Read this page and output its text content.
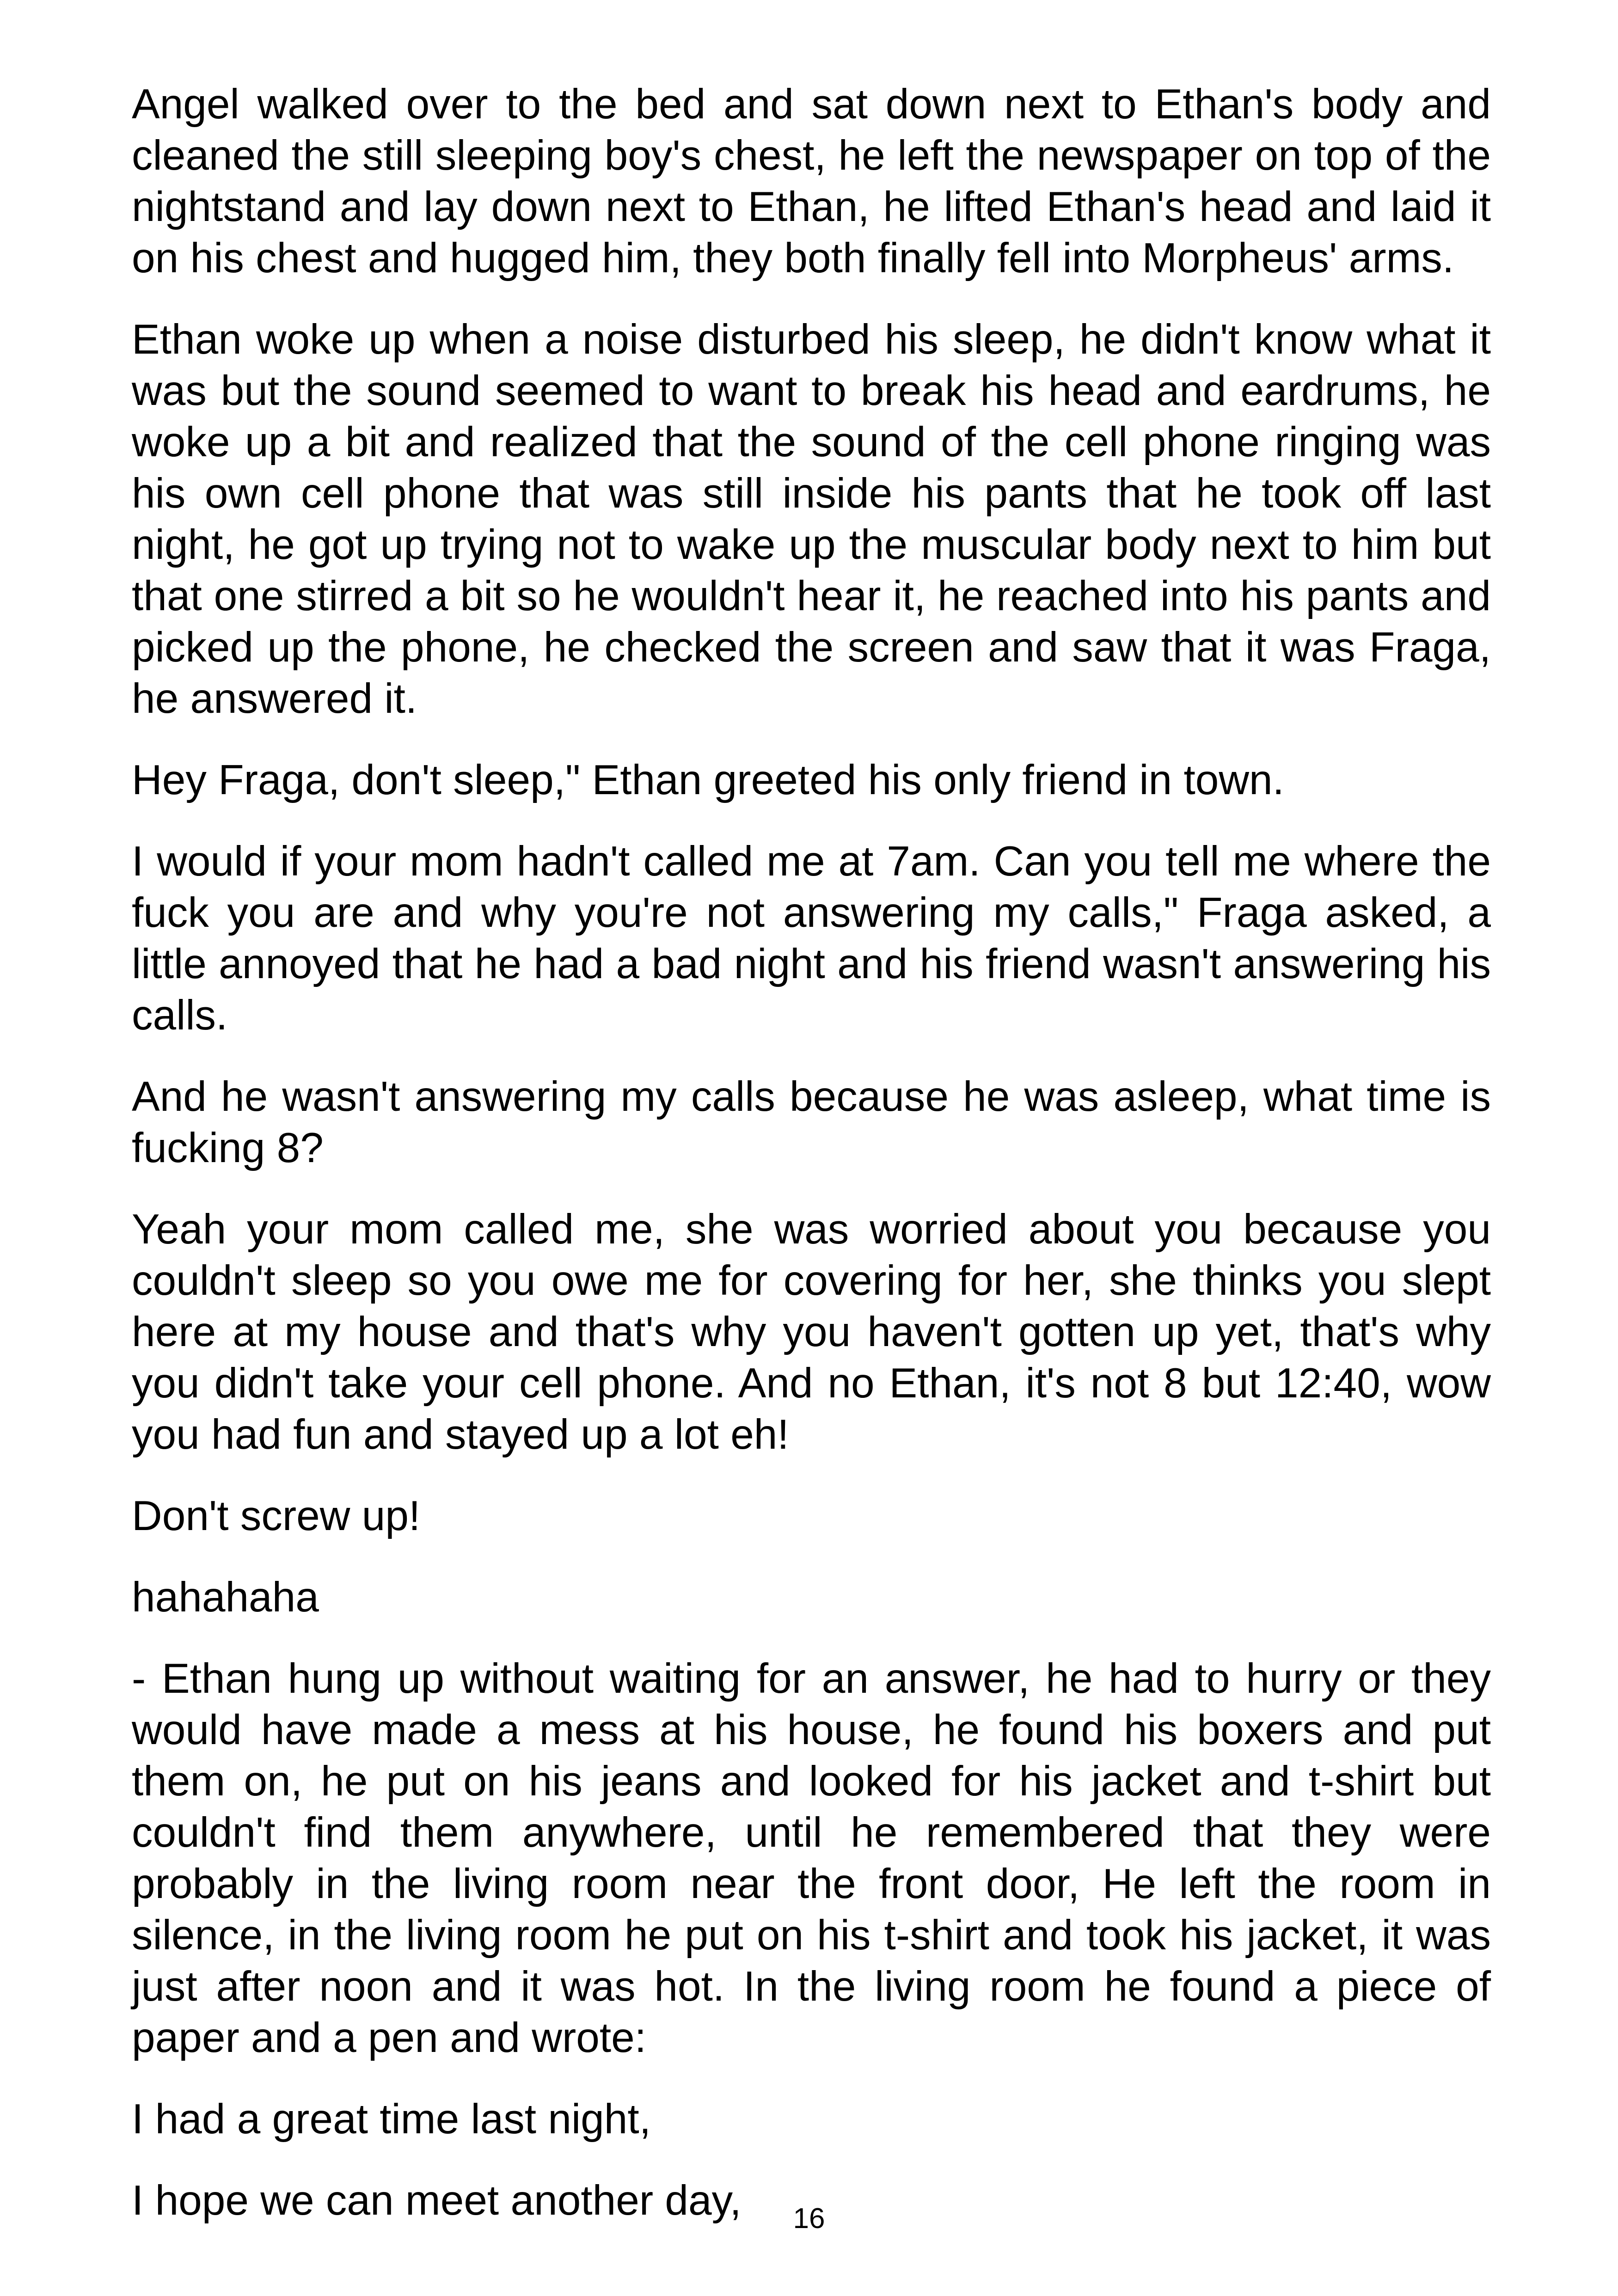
Angel walked over to the bed and sat down next to Ethan's body and cleaned the still sleeping boy's chest, he left the newspaper on top of the nightstand and lay down next to Ethan, he lifted Ethan's head and laid it on his chest and hugged him, they both finally fell into Morpheus' arms.

Ethan woke up when a noise disturbed his sleep, he didn't know what it was but the sound seemed to want to break his head and eardrums, he woke up a bit and realized that the sound of the cell phone ringing was his own cell phone that was still inside his pants that he took off last night, he got up trying not to wake up the muscular body next to him but that one stirred a bit so he wouldn't hear it, he reached into his pants and picked up the phone, he checked the screen and saw that it was Fraga, he answered it.

Hey Fraga, don't sleep," Ethan greeted his only friend in town.

I would if your mom hadn't called me at 7am. Can you tell me where the fuck you are and why you're not answering my calls," Fraga asked, a little annoyed that he had a bad night and his friend wasn't answering his calls.

And he wasn't answering my calls because he was asleep, what time is fucking 8?

Yeah your mom called me, she was worried about you because you couldn't sleep so you owe me for covering for her, she thinks you slept here at my house and that's why you haven't gotten up yet, that's why you didn't take your cell phone. And no Ethan, it's not 8 but 12:40, wow you had fun and stayed up a lot eh!

Don't screw up!

hahahaha

- Ethan hung up without waiting for an answer, he had to hurry or they would have made a mess at his house, he found his boxers and put them on, he put on his jeans and looked for his jacket and t-shirt but couldn't find them anywhere, until he remembered that they were probably in the living room near the front door, He left the room in silence, in the living room he put on his t-shirt and took his jacket, it was just after noon and it was hot. In the living room he found a piece of paper and a pen and wrote:

I had a great time last night,

I hope we can meet another day,	16
